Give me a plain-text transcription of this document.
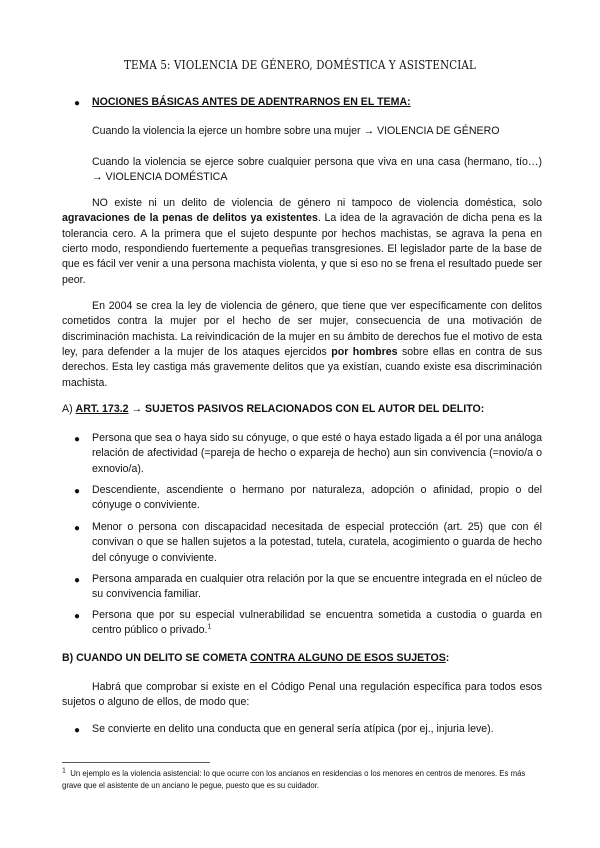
TEMA 5: VIOLENCIA DE GÉNERO, DOMÉSTICA Y ASISTENCIAL
● NOCIONES BÁSICAS ANTES DE ADENTRARNOS EN EL TEMA:

Cuando la violencia la ejerce un hombre sobre una mujer → VIOLENCIA DE GÉNERO

Cuando la violencia se ejerce sobre cualquier persona que viva en una casa (hermano, tío…) → VIOLENCIA DOMÉSTICA

NO existe ni un delito de violencia de género ni tampoco de violencia doméstica, solo agravaciones de la penas de delitos ya existentes. La idea de la agravación de dicha pena es la tolerancia cero. A la primera que el sujeto despunte por hechos machistas, se agrava la pena en cierto modo, respondiendo fuertemente a pequeñas transgresiones. El legislador parte de la base de que es fácil ver venir a una persona machista violenta, y que si eso no se frena el resultado puede ser peor.

En 2004 se crea la ley de violencia de género, que tiene que ver específicamente con delitos cometidos contra la mujer por el hecho de ser mujer, consecuencia de una motivación de discriminación machista. La reivindicación de la mujer en su ámbito de derechos fue el motivo de esta ley, para defender a la mujer de los ataques ejercidos por hombres sobre ellas en contra de sus derechos. Esta ley castiga más gravemente delitos que ya existían, cuando existe esa discriminación machista.

A) ART. 173.2 → SUJETOS PASIVOS RELACIONADOS CON EL AUTOR DEL DELITO:

● Persona que sea o haya sido su cónyuge, o que esté o haya estado ligada a él por una análoga relación de afectividad (=pareja de hecho o expareja de hecho) aun sin convivencia (=novio/a o exnovio/a).

● Descendiente, ascendiente o hermano por naturaleza, adopción o afinidad, propio o del cónyuge o conviviente.

● Menor o persona con discapacidad necesitada de especial protección (art. 25) que con él convivan o que se hallen sujetos a la potestad, tutela, curatela, acogimiento o guarda de hecho del cónyuge o conviviente.

● Persona amparada en cualquier otra relación por la que se encuentre integrada en el núcleo de su convivencia familiar.

● Persona que por su especial vulnerabilidad se encuentra sometida a custodia o guarda en centro público o privado.$^1$

B) CUANDO UN DELITO SE COMETA CONTRA ALGUNO DE ESOS SUJETOS:

Habrá que comprobar si existe en el Código Penal una regulación específica para todos esos sujetos o alguno de ellos, de modo que:

● Se convierte en delito una conducta que en general sería atípica (por ej., injuria leve).

$^1$ Un ejemplo es la violencia asistencial: lo que ocurre con los ancianos en residencias o los menores en centros de menores. Es más grave que el asistente de un anciano le pegue, puesto que es su cuidador.
